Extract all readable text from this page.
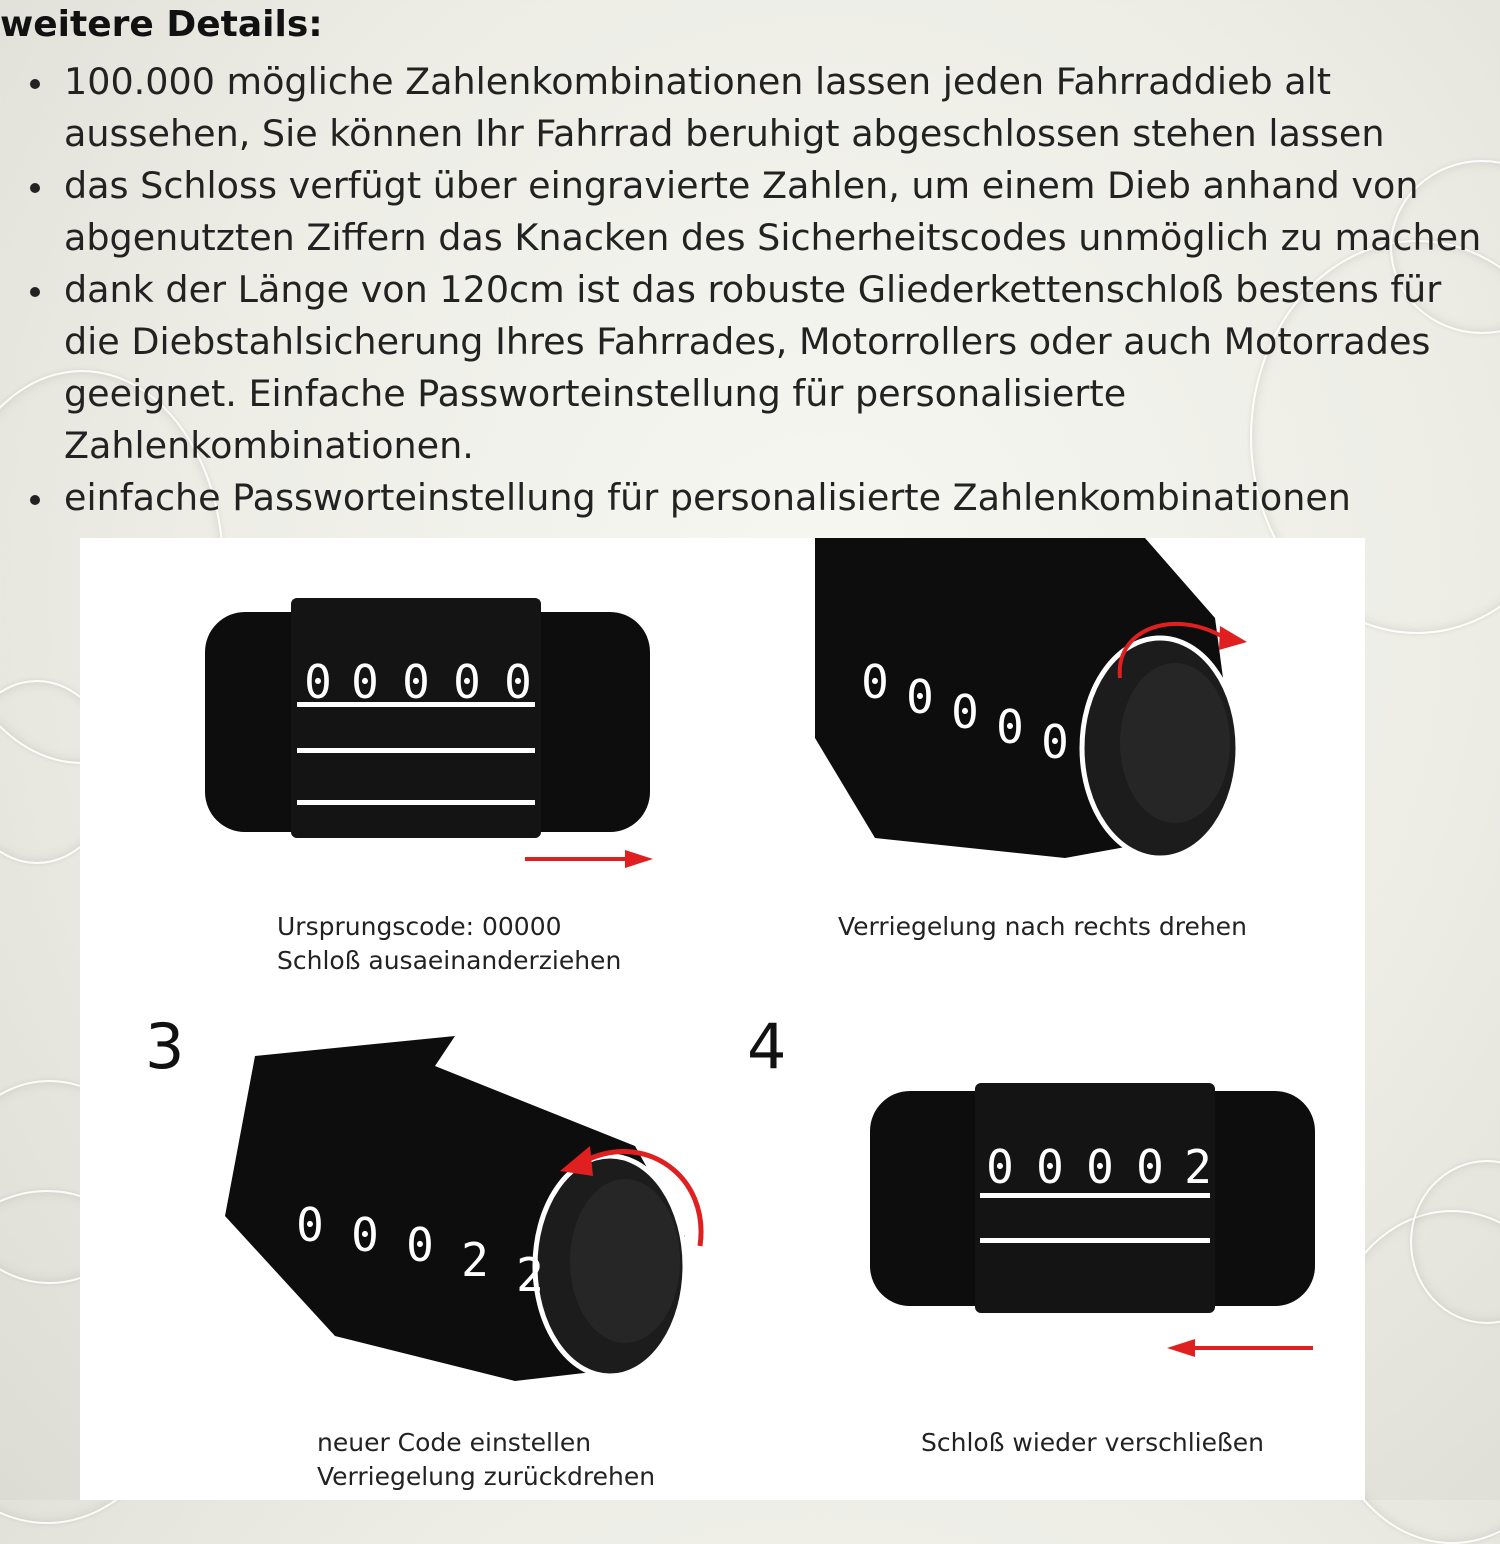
weitere Details:
100.000 mögliche Zahlenkombinationen lassen jeden Fahrraddieb alt aussehen, Sie können Ihr Fahrrad beruhigt abgeschlossen stehen lassen
das Schloss verfügt über eingravierte Zahlen, um einem Dieb anhand von abgenutzten Ziffern das Knacken des Sicherheitscodes unmöglich zu machen
dank der Länge von 120cm ist das robuste Gliederkettenschloß bestens für die Diebstahlsicherung Ihres Fahrrades, Motorrollers oder auch Motorrades geeignet. Einfache Passworteinstellung für personalisierte Zahlenkombinationen.
einfache Passworteinstellung für personalisierte Zahlenkombinationen
0 0 0 0 0
Ursprungscode: 00000
Schloß ausaeinanderziehen
0 0 0 0 0
Verriegelung nach rechts drehen
3
0 0 0 2 2
neuer Code einstellen
Verriegelung zurückdrehen
4
0 0 0 0 2
Schloß wieder verschließen
